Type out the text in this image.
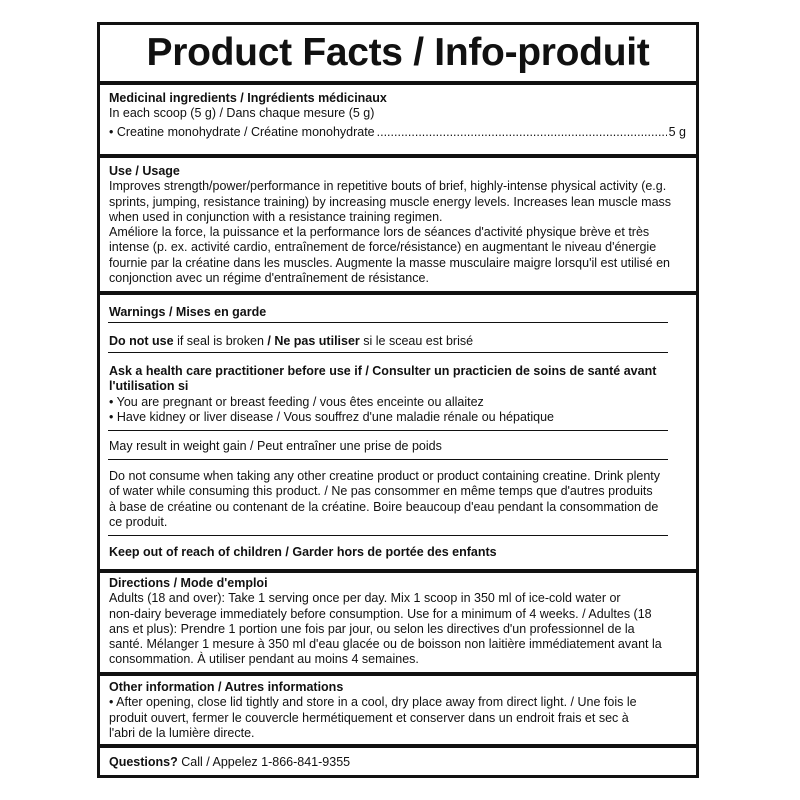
Product Facts / Info-produit
Medicinal ingredients / Ingrédients médicinaux
In each scoop (5 g) / Dans chaque mesure (5 g)
• Creatine monohydrate / Créatine monohydrate
.....	5 g
Use / Usage
Improves strength/power/performance in repetitive bouts of brief, highly-intense physical activity (e.g.
sprints, jumping, resistance training) by increasing muscle energy levels. Increases lean muscle mass
when used in conjunction with a resistance training regimen.
Améliore la force, la puissance et la performance lors de séances d'activité physique brève et très
intense (p. ex. activité cardio, entraînement de force/résistance) en augmentant le niveau d'énergie
fournie par la créatine dans les muscles. Augmente la masse musculaire maigre lorsqu'il est utilisé en
conjonction avec un régime d'entraînement de résistance.
Warnings / Mises en garde
Do not use if seal is broken / Ne pas utiliser si le sceau est brisé
Ask a health care practitioner before use if / Consulter un practicien de soins de santé avant
l'utilisation si
• You are pregnant or breast feeding / vous êtes enceinte ou allaitez
• Have kidney or liver disease / Vous souffrez d'une maladie rénale ou hépatique
May result in weight gain / Peut entraîner une prise de poids
Do not consume when taking any other creatine product or product containing creatine. Drink plenty
of water while consuming this product. / Ne pas consommer en même temps que d'autres produits
à base de créatine ou contenant de la créatine. Boire beaucoup d'eau pendant la consommation de
ce produit.
Keep out of reach of children / Garder hors de portée des enfants
Directions / Mode d'emploi
Adults (18 and over): Take 1 serving once per day. Mix 1 scoop in 350 ml of ice-cold water or
non-dairy beverage immediately before consumption. Use for a minimum of 4 weeks. / Adultes (18
ans et plus): Prendre 1 portion une fois par jour, ou selon les directives d'un professionnel de la
santé. Mélanger 1 mesure à 350 ml d'eau glacée ou de boisson non laitière immédiatement avant la
consommation. À utiliser pendant au moins 4 semaines.
Other information / Autres informations
• After opening, close lid tightly and store in a cool, dry place away from direct light. / Une fois le
produit ouvert, fermer le couvercle hermétiquement et conserver dans un endroit frais et sec à
l'abri de la lumière directe.
Questions? Call / Appelez 1-866-841-9355
